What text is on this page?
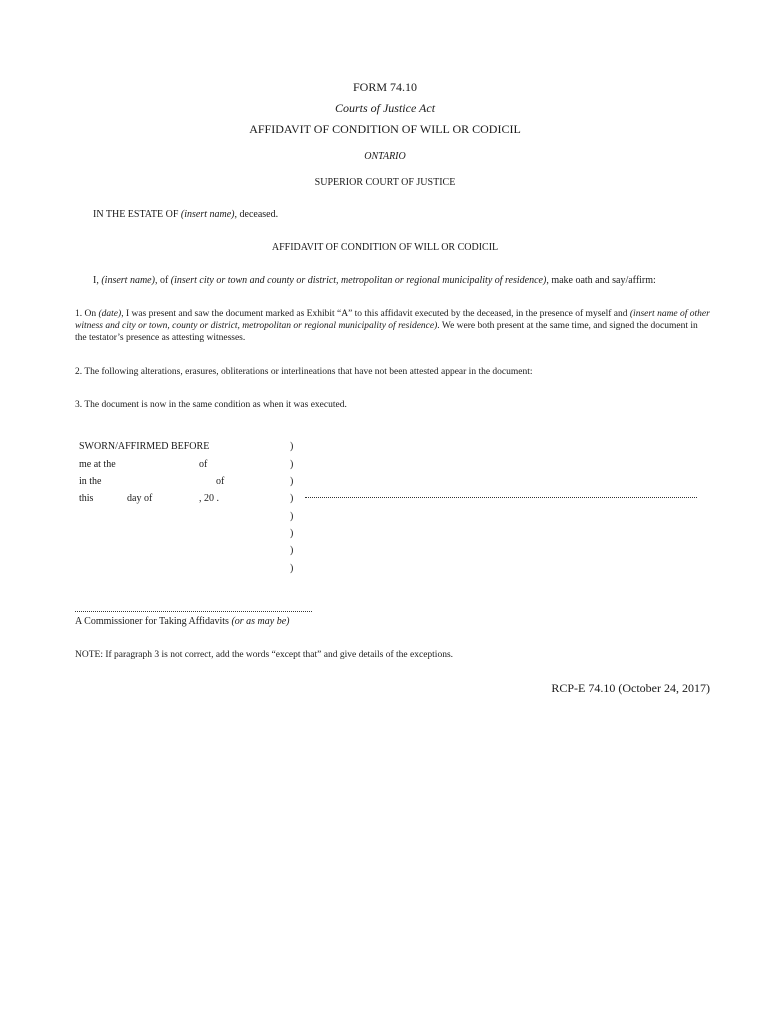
FORM 74.10
Courts of Justice Act
AFFIDAVIT OF CONDITION OF WILL OR CODICIL
ONTARIO
SUPERIOR COURT OF JUSTICE
IN THE ESTATE OF (insert name), deceased.
AFFIDAVIT OF CONDITION OF WILL OR CODICIL
I, (insert name), of (insert city or town and county or district, metropolitan or regional municipality of residence), make oath and say/affirm:
1. On (date), I was present and saw the document marked as Exhibit “A” to this affidavit executed by the deceased, in the presence of myself and (insert name of other witness and city or town, county or district, metropolitan or regional municipality of residence). We were both present at the same time, and signed the document in the testator’s presence as attesting witnesses.
2. The following alterations, erasures, obliterations or interlineations that have not been attested appear in the document:
3. The document is now in the same condition as when it was executed.
SWORN/AFFIRMED BEFORE
me at the	of
in the	of
this	day of	, 20 .
)
)
)
)
)
)
)
)
A Commissioner for Taking Affidavits (or as may be)
NOTE: If paragraph 3 is not correct, add the words “except that” and give details of the exceptions.
RCP-E 74.10 (October 24, 2017)
